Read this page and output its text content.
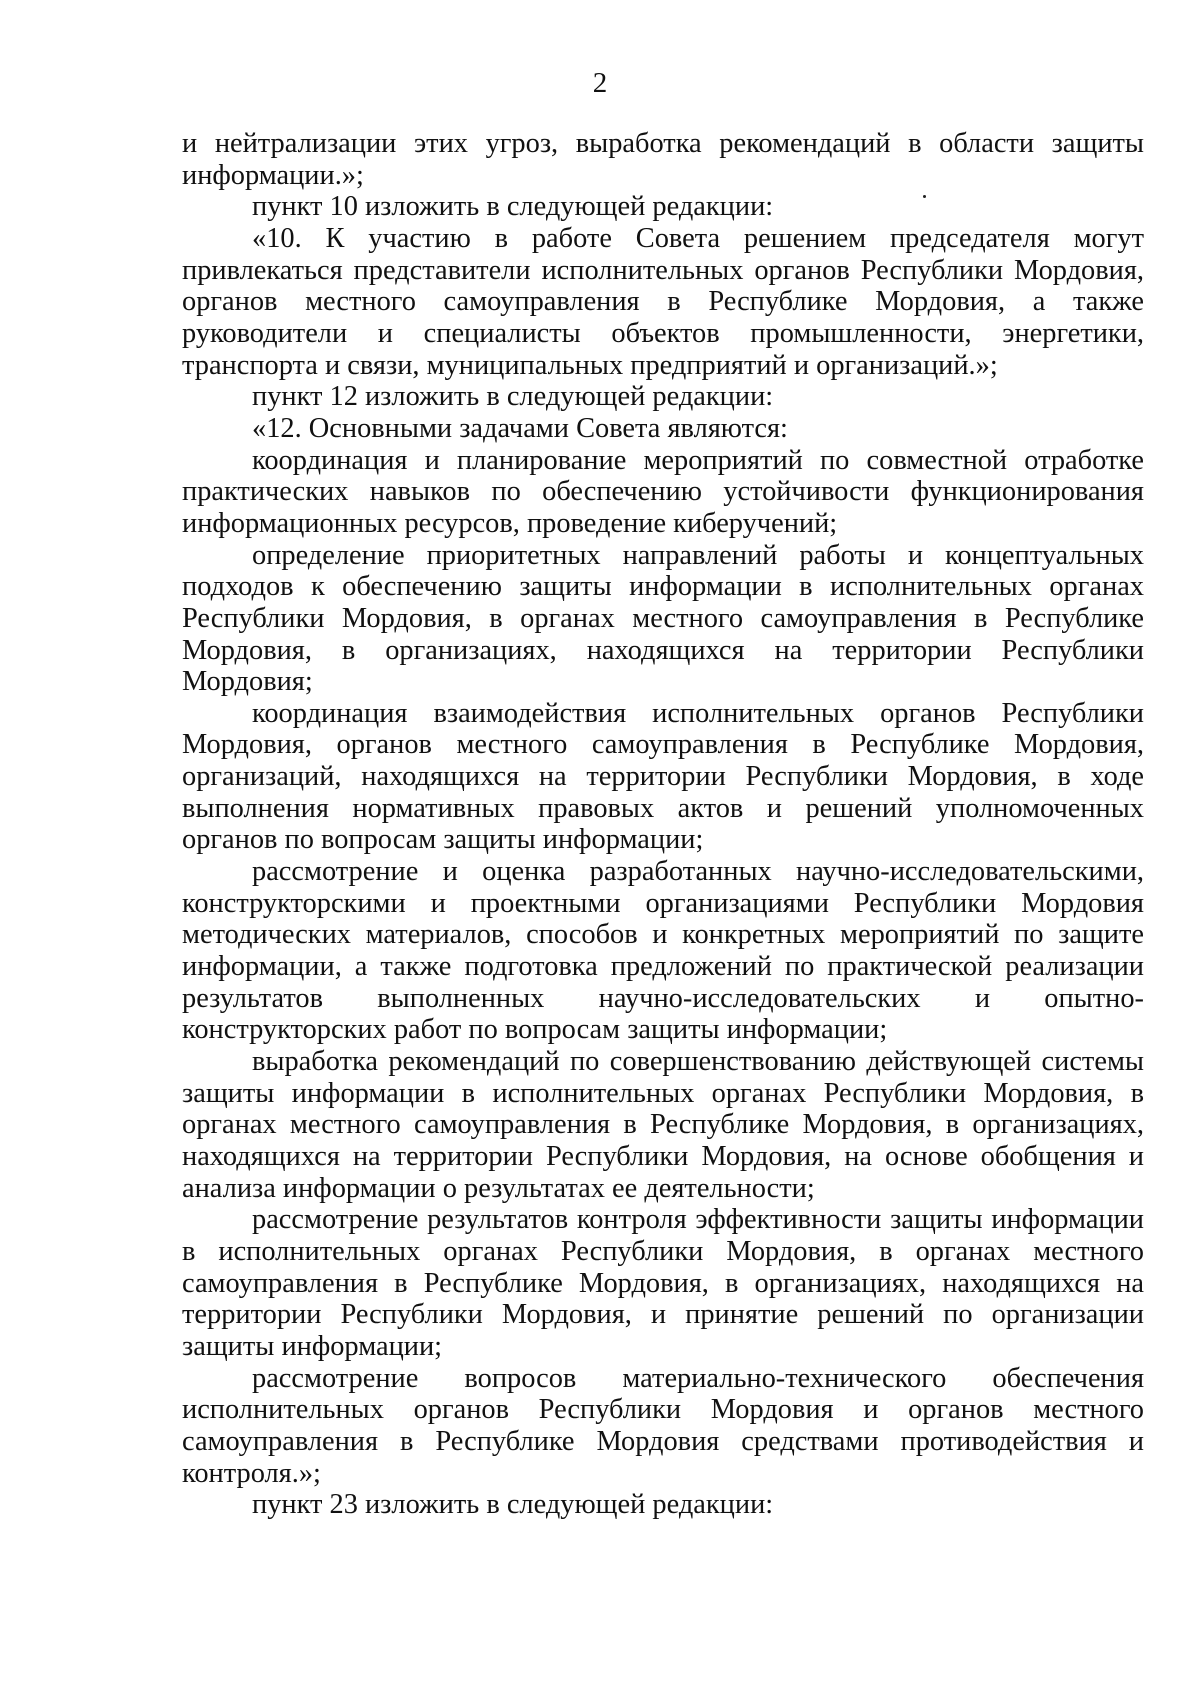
2

и нейтрализации этих угроз, выработка рекомендаций в области защиты информации.»;

пункт 10 изложить в следующей редакции:

«10. К участию в работе Совета решением председателя могут привлекаться представители исполнительных органов Республики Мордовия, органов местного самоуправления в Республике Мордовия, а также руководители и специалисты объектов промышленности, энергетики, транспорта и связи, муниципальных предприятий и организаций.»;

пункт 12 изложить в следующей редакции:

«12. Основными задачами Совета являются:

координация и планирование мероприятий по совместной отработке практических навыков по обеспечению устойчивости функционирования информационных ресурсов, проведение киберучений;

определение приоритетных направлений работы и концептуальных подходов к обеспечению защиты информации в исполнительных органах Республики Мордовия, в органах местного самоуправления в Республике Мордовия, в организациях, находящихся на территории Республики Мордовия;

координация взаимодействия исполнительных органов Республики Мордовия, органов местного самоуправления в Республике Мордовия, организаций, находящихся на территории Республики Мордовия, в ходе выполнения нормативных правовых актов и решений уполномоченных органов по вопросам защиты информации;

рассмотрение и оценка разработанных научно-исследовательскими, конструкторскими и проектными организациями Республики Мордовия методических материалов, способов и конкретных мероприятий по защите информации, а также подготовка предложений по практической реализации результатов выполненных научно-исследовательских и опытно-конструкторских работ по вопросам защиты информации;

выработка рекомендаций по совершенствованию действующей системы защиты информации в исполнительных органах Республики Мордовия, в органах местного самоуправления в Республике Мордовия, в организациях, находящихся на территории Республики Мордовия, на основе обобщения и анализа информации о результатах ее деятельности;

рассмотрение результатов контроля эффективности защиты информации в исполнительных органах Республики Мордовия, в органах местного самоуправления в Республике Мордовия, в организациях, находящихся на территории Республики Мордовия, и принятие решений по организации защиты информации;

рассмотрение вопросов материально-технического обеспечения исполнительных органов Республики Мордовия и органов местного самоуправления в Республике Мордовия средствами противодействия и контроля.»;

пункт 23 изложить в следующей редакции:
